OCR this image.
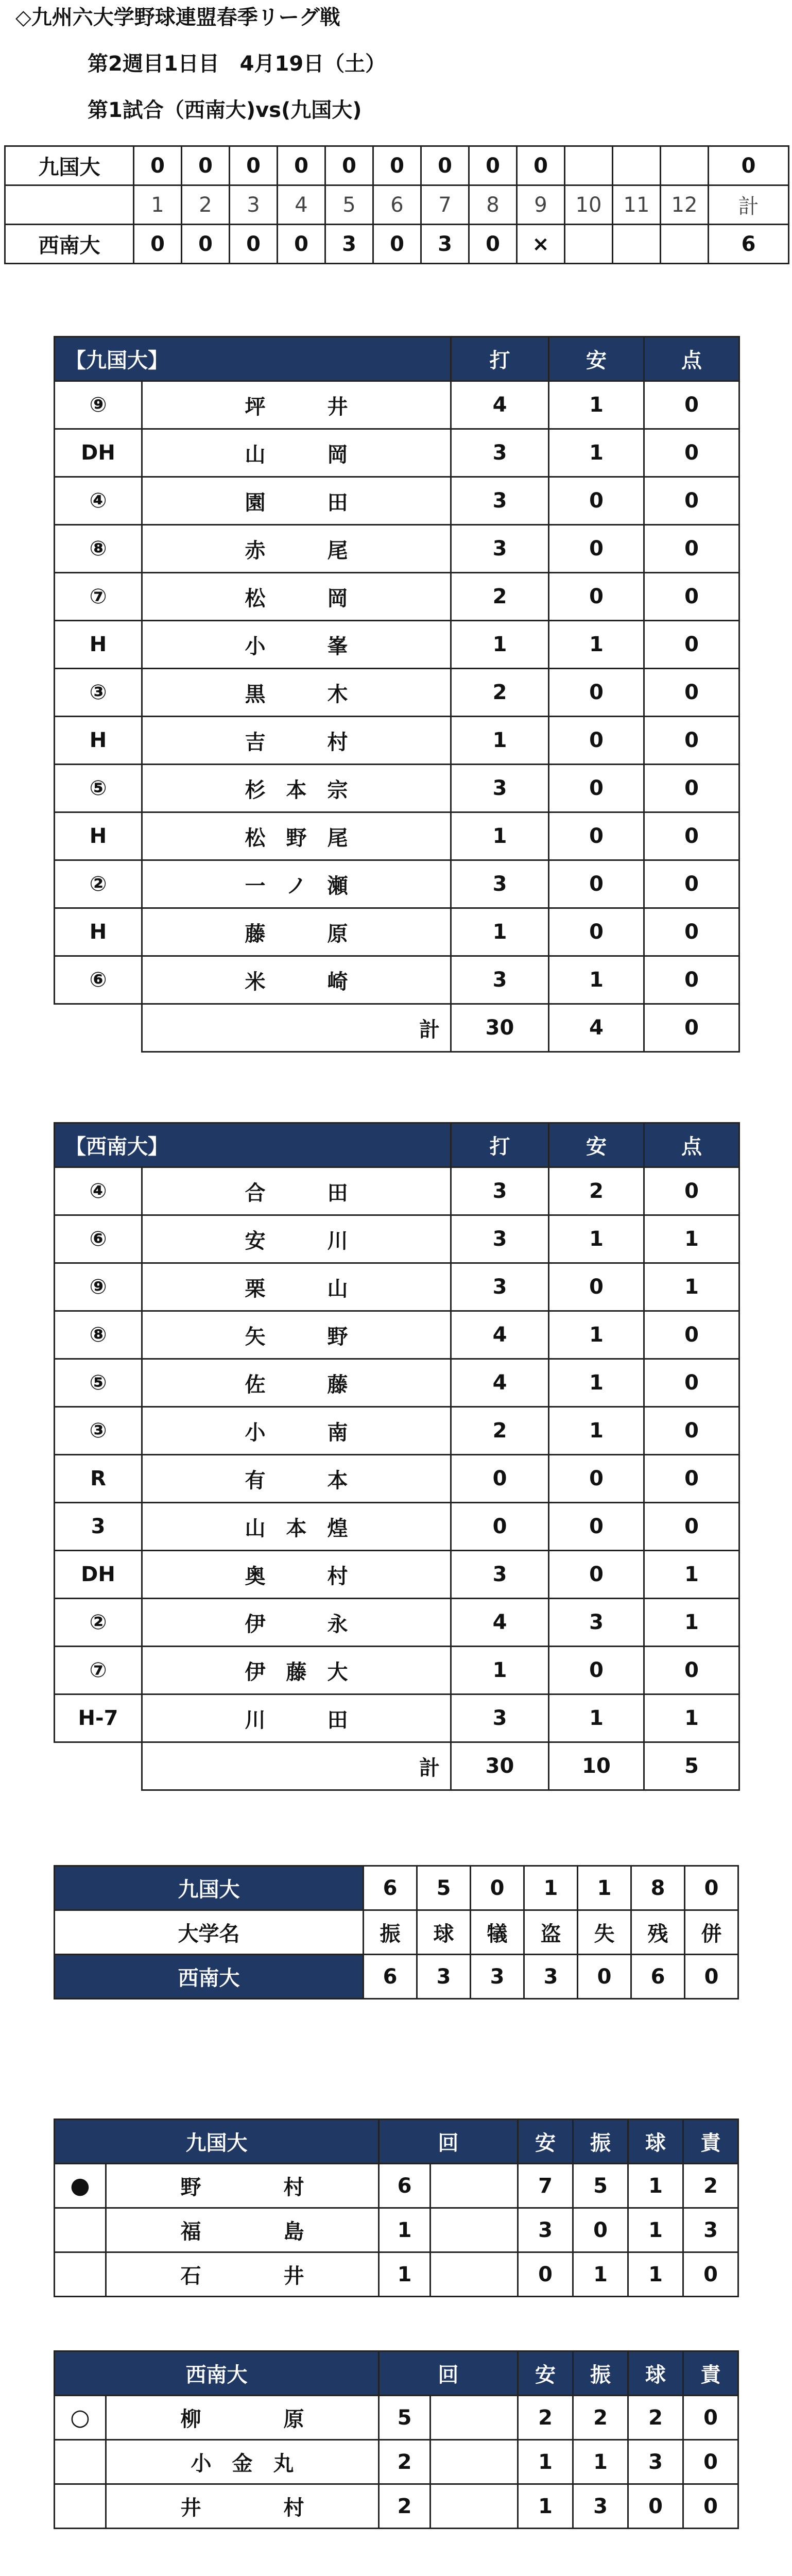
◇九州六大学野球連盟春季リーグ戦
第2週目1日目　4月19日（土）
第1試合（西南大)vs(九国大)
九国大	0	0	0	0	0	0	0	0	0				0
	1	2	3	4	5	6	7	8	9	10	11	12	計
西南大	0	0	0	0	3	0	3	0	×				6
【九国大】		打	安	点
⑨	坪　　　井	4	1	0
DH	山　　　岡	3	1	0
④	園　　　田	3	0	0
⑧	赤　　　尾	3	0	0
⑦	松　　　岡	2	0	0
H	小　　　峯	1	1	0
③	黒　　　木	2	0	0
H	吉　　　村	1	0	0
⑤	杉　本　宗	3	0	0
H	松　野　尾	1	0	0
②	一　ノ　瀬	3	0	0
H	藤　　　原	1	0	0
⑥	米　　　崎	3	1	0
	計	30	4	0
【西南大】		打	安	点
④	合　　　田	3	2	0
⑥	安　　　川	3	1	1
⑨	栗　　　山	3	0	1
⑧	矢　　　野	4	1	0
⑤	佐　　　藤	4	1	0
③	小　　　南	2	1	0
R	有　　　本	0	0	0
3	山　本　煌	0	0	0
DH	奥　　　村	3	0	1
②	伊　　　永	4	3	1
⑦	伊　藤　大	1	0	0
H-7	川　　　田	3	1	1
	計	30	10	5
九国大	6	5	0	1	1	8	0
大学名	振	球	犠	盗	失	残	併
西南大	6	3	3	3	0	6	0
九国大		回		安	振	球	責
●	野　　　　村	6		7	5	1	2
	福　　　　島	1		3	0	1	3
	石　　　　井	1		0	1	1	0
西南大		回		安	振	球	責
○	柳　　　　原	5		2	2	2	0
	小　金　丸	2		1	1	3	0
	井　　　　村	2		1	3	0	0
